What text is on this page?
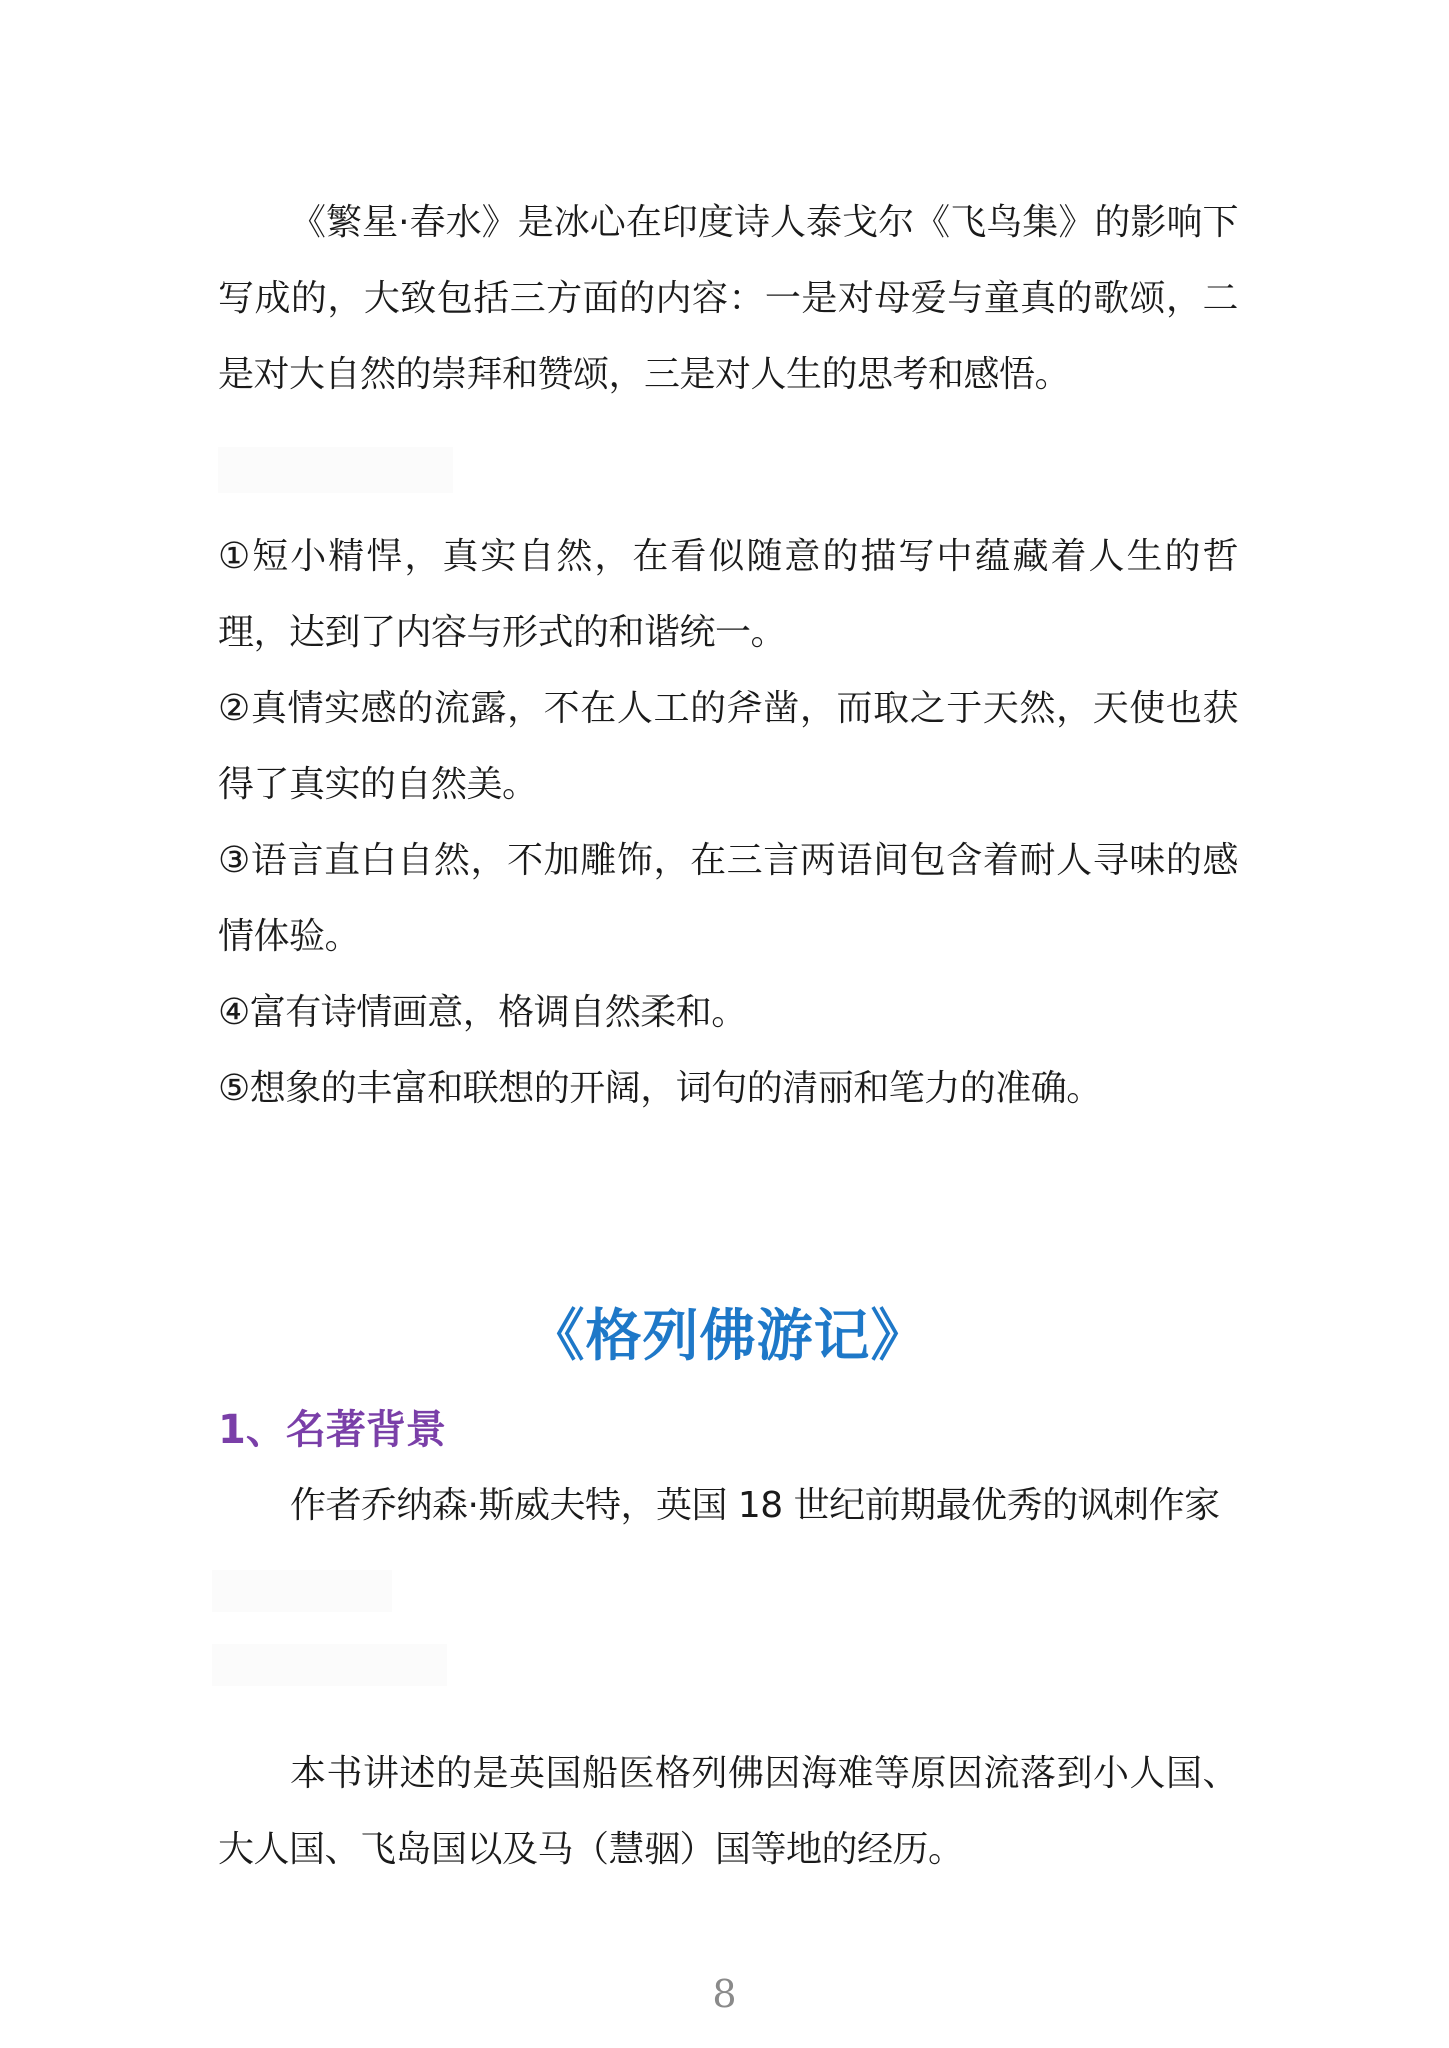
《繁星·春水》是冰心在印度诗人泰戈尔《飞鸟集》的影响下写成的，大致包括三方面的内容：一是对母爱与童真的歌颂，二是对大自然的崇拜和赞颂，三是对人生的思考和感悟。

①短小精悍，真实自然，在看似随意的描写中蕴藏着人生的哲理，达到了内容与形式的和谐统一。

②真情实感的流露，不在人工的斧凿，而取之于天然，天使也获得了真实的自然美。

③语言直白自然，不加雕饰，在三言两语间包含着耐人寻味的感情体验。

④富有诗情画意，格调自然柔和。

⑤想象的丰富和联想的开阔，词句的清丽和笔力的准确。

《格列佛游记》
1、名著背景

作者乔纳森·斯威夫特，英国 18 世纪前期最优秀的讽刺作家

本书讲述的是英国船医格列佛因海难等原因流落到小人国、大人国、飞岛国以及马（慧骃）国等地的经历。

8
